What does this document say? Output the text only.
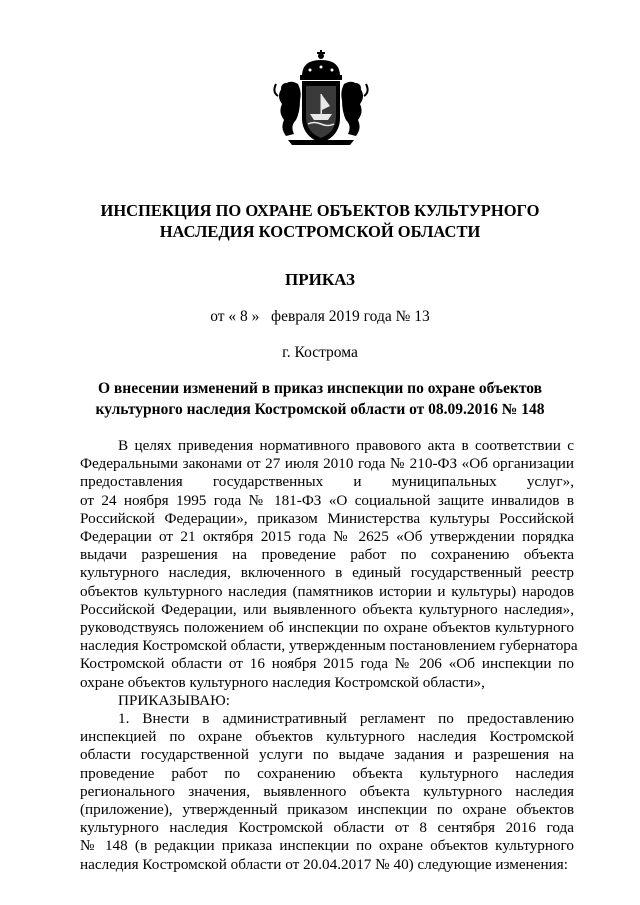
ИНСПЕКЦИЯ ПО ОХРАНЕ ОБЪЕКТОВ КУЛЬТУРНОГО
НАСЛЕДИЯ КОСТРОМСКОЙ ОБЛАСТИ
ПРИКАЗ
от « 8 »   февраля 2019 года № 13
г. Кострома
О внесении изменений в приказ инспекции по охране объектов
культурного наследия Костромской области от 08.09.2016 № 148
В целях приведения нормативного правового акта в соответствии с
Федеральными законами от 27 июля 2010 года № 210-ФЗ «Об организации
предоставления государственных и муниципальных услуг»,
от 24 ноября 1995 года № 181-ФЗ «О социальной защите инвалидов в
Российской Федерации», приказом Министерства культуры Российской
Федерации от 21 октября 2015 года № 2625 «Об утверждении порядка
выдачи разрешения на проведение работ по сохранению объекта
культурного наследия, включенного в единый государственный реестр
объектов культурного наследия (памятников истории и культуры) народов
Российской Федерации, или выявленного объекта культурного наследия»,
руководствуясь положением об инспекции по охране объектов культурного
наследия Костромской области, утвержденным постановлением губернатора
Костромской области от 16 ноября 2015 года № 206 «Об инспекции по
охране объектов культурного наследия Костромской области»,
ПРИКАЗЫВАЮ:
1. Внести в административный регламент по предоставлению
инспекцией по охране объектов культурного наследия Костромской
области государственной услуги по выдаче задания и разрешения на
проведение работ по сохранению объекта культурного наследия
регионального значения, выявленного объекта культурного наследия
(приложение), утвержденный приказом инспекции по охране объектов
культурного наследия Костромской области от 8 сентября 2016 года
№ 148 (в редакции приказа инспекции по охране объектов культурного
наследия Костромской области от 20.04.2017 № 40) следующие изменения:
